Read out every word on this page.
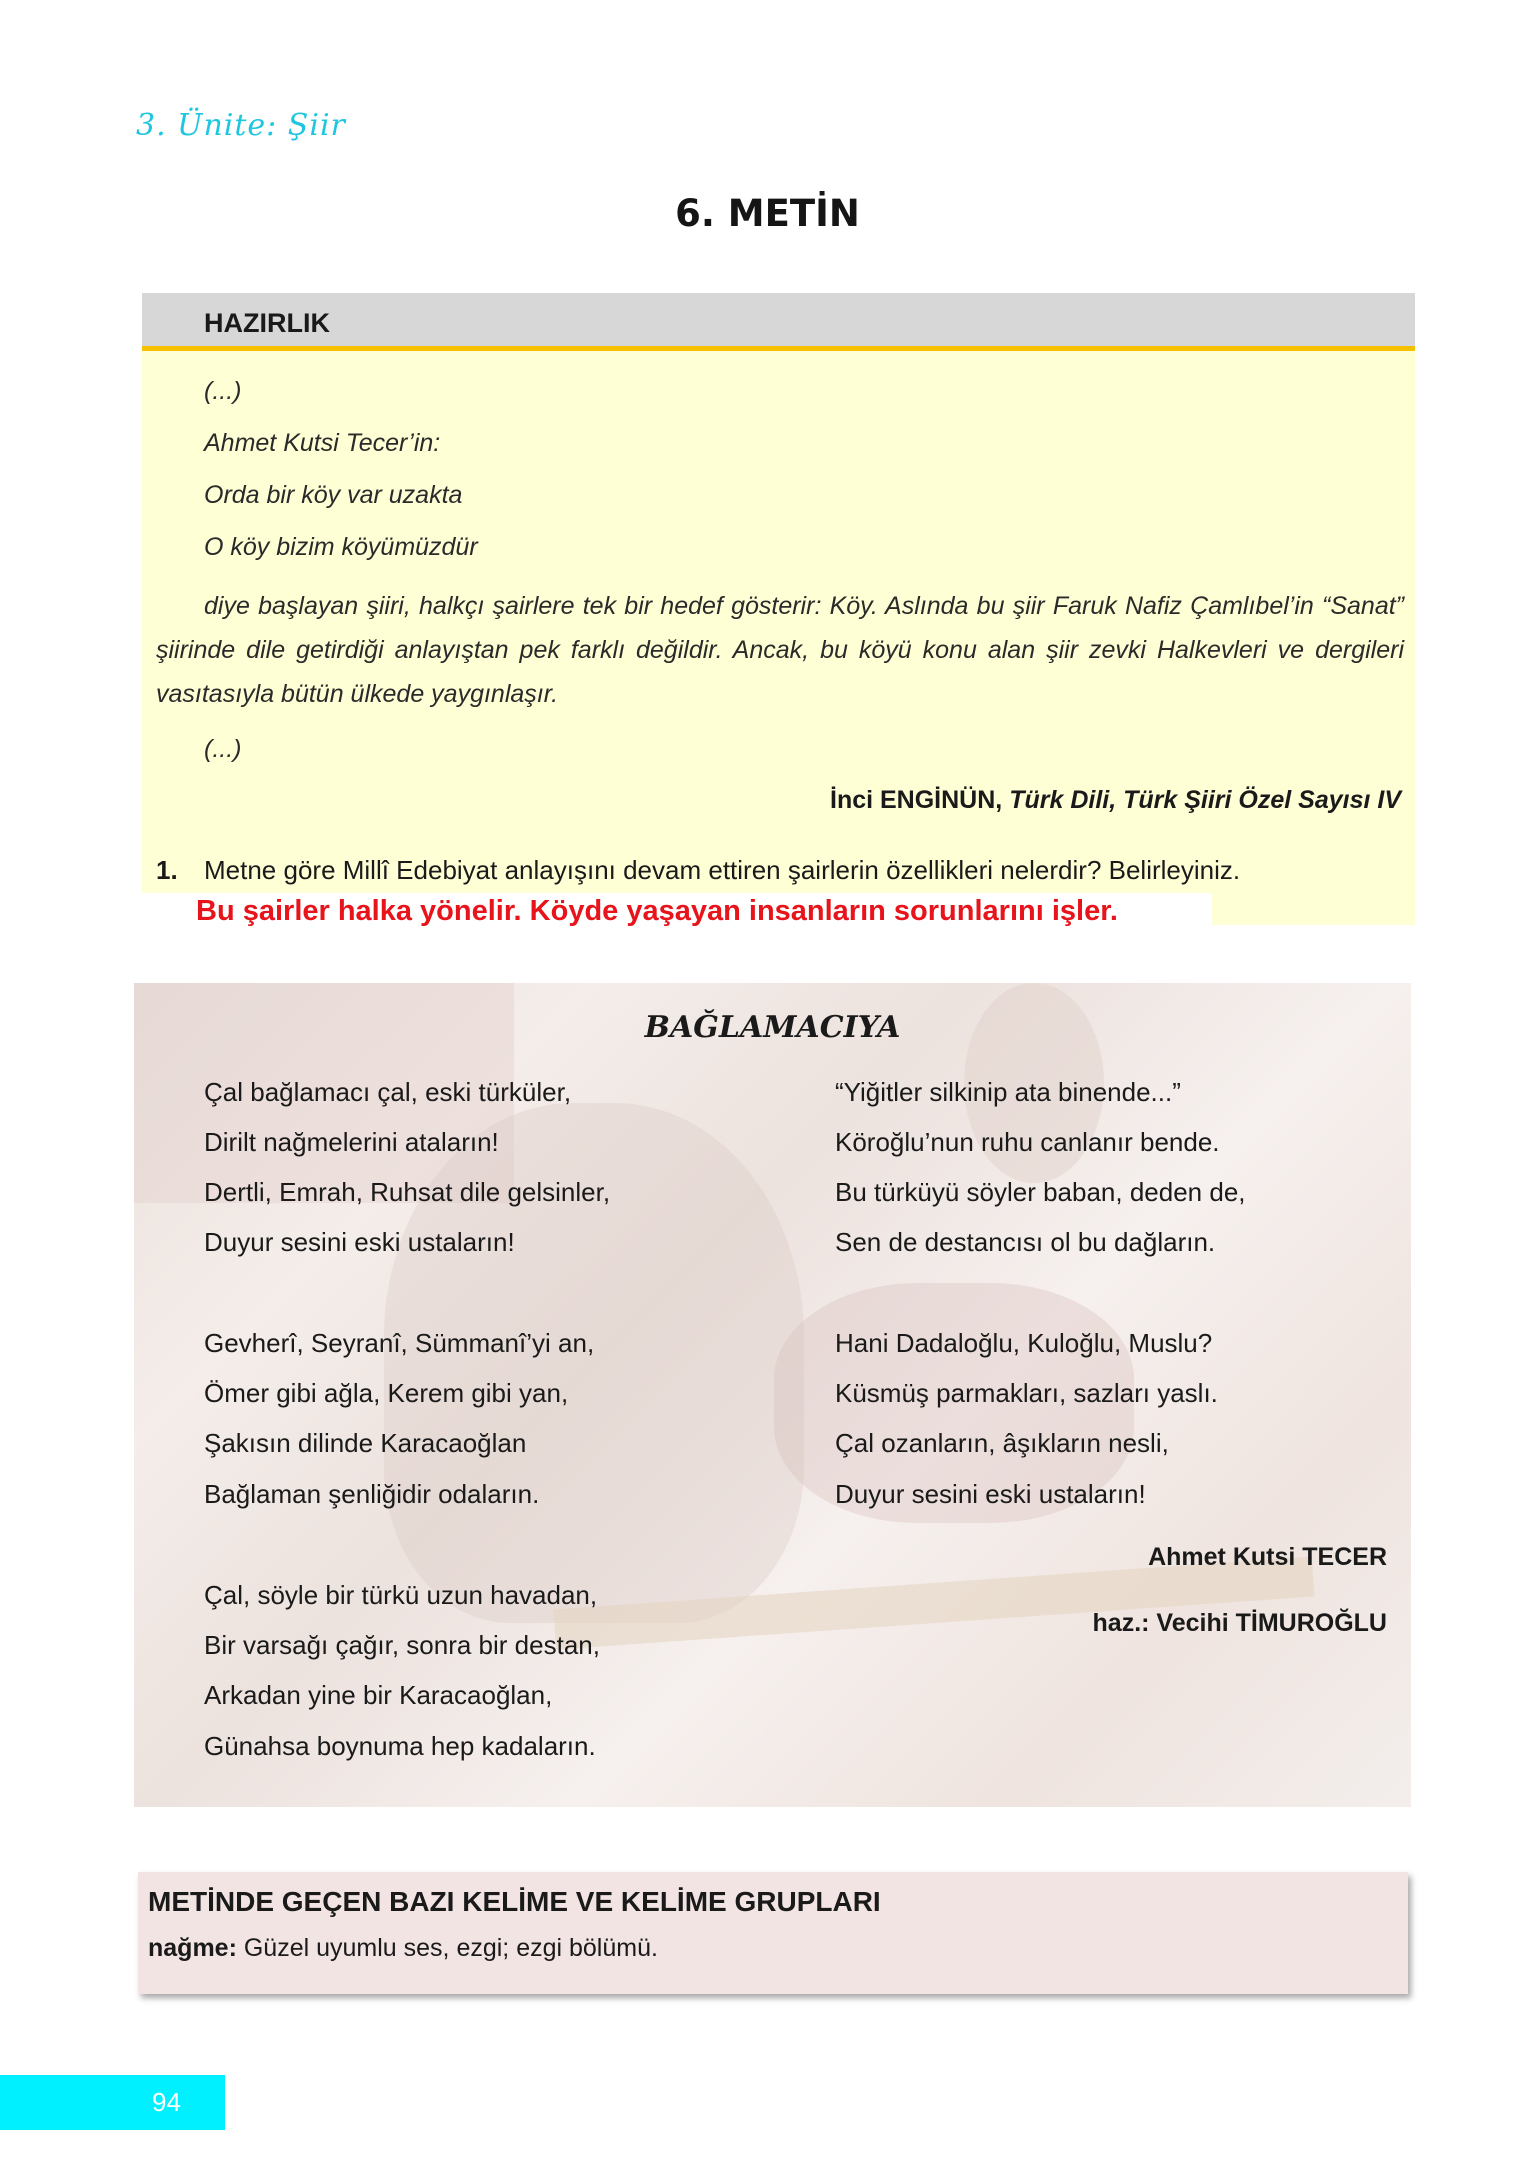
3. Ünite: Şiir
6. METİN
HAZIRLIK
(...)
Ahmet Kutsi Tecer’in:
Orda bir köy var uzakta
O köy bizim köyümüzdür
diye başlayan şiiri, halkçı şairlere tek bir hedef gösterir: Köy. Aslında bu şiir Faruk Nafiz Çamlıbel’in “Sanat” şiirinde dile getirdiği anlayıştan pek farklı değildir. Ancak, bu köyü konu alan şiir zevki Halkevleri ve dergileri vasıtasıyla bütün ülkede yaygınlaşır.
(...)
İnci ENGİNÜN, Türk Dili, Türk Şiiri Özel Sayısı IV
1. Metne göre Millî Edebiyat anlayışını devam ettiren şairlerin özellikleri nelerdir? Belirleyiniz.
Bu şairler halka yönelir. Köyde yaşayan insanların sorunlarını işler.
BAĞLAMACIYA
Çal bağlamacı çal, eski türküler,
Dirilt nağmelerini ataların!
Dertli, Emrah, Ruhsat dile gelsinler,
Duyur sesini eski ustaların!
Gevherî, Seyranî, Sümmanî’yi an,
Ömer gibi ağla, Kerem gibi yan,
Şakısın dilinde Karacaoğlan
Bağlaman şenliğidir odaların.
Çal, söyle bir türkü uzun havadan,
Bir varsağı çağır, sonra bir destan,
Arkadan yine bir Karacaoğlan,
Günahsa boynuma hep kadaların.
“Yiğitler silkinip ata binende...”
Köroğlu’nun ruhu canlanır bende.
Bu türküyü söyler baban, deden de,
Sen de destancısı ol bu dağların.
Hani Dadaloğlu, Kuloğlu, Muslu?
Küsmüş parmakları, sazları yaslı.
Çal ozanların, âşıkların nesli,
Duyur sesini eski ustaların!
Ahmet Kutsi TECER
haz.: Vecihi TİMUROĞLU
METİNDE GEÇEN BAZI KELİME VE KELİME GRUPLARI
nağme: Güzel uyumlu ses, ezgi; ezgi bölümü.
94
